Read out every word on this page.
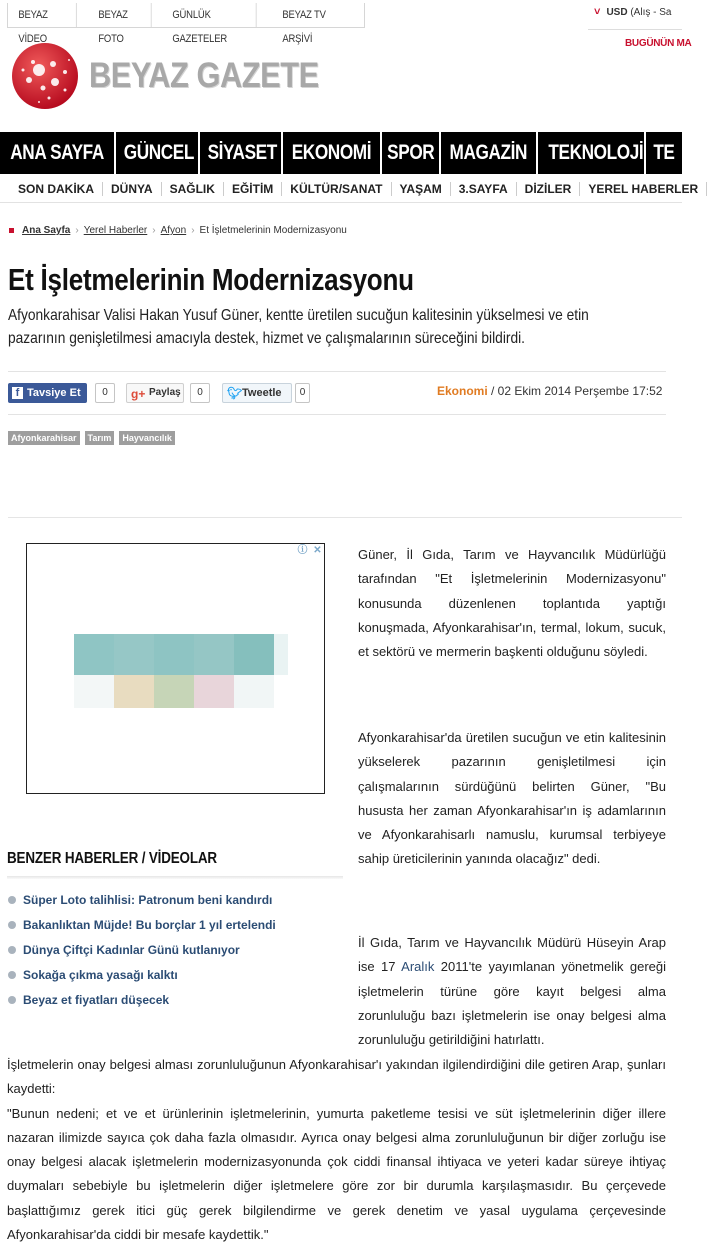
BEYAZ VİDEO
BEYAZ FOTO
GÜNLÜK GAZETELER
BEYAZ TV ARŞİVİ
˅ USD (Alış - Sa
BUGÜNÜN MA
BEYAZ GAZETE
ANA SAYFA GÜNCEL SİYASET EKONOMİ SPOR MAGAZİN TEKNOLOJİ TE
SON DAKİKA	DÜNYA	SAĞLIK	EĞİTİM	KÜLTÜR/SANAT	YAŞAM	3.SAYFA	DİZİLER	YEREL HABERLER
Ana Sayfa › Yerel Haberler › Afyon › Et İşletmelerinin Modernizasyonu
Et İşletmelerinin Modernizasyonu

Afyonkarahisar Valisi Hakan Yusuf Güner, kentte üretilen sucuğun kalitesinin yükselmesi ve etin pazarının genişletilmesi amacıyla destek, hizmet ve çalışmalarının süreceğini bildirdi.

f Tavsiye Et	0	g+ Paylaş	0	🐦︎ Tweetle	0	Ekonomi / 02 Ekim 2014 Perşembe 17:52
Afyonkarahisar	Tarım	Hayvancılık
ⓘ ✕
BENZER HABERLER / VİDEOLAR
Süper Loto talihlisi: Patronum beni kandırdı
Bakanlıktan Müjde! Bu borçlar 1 yıl ertelendi
Dünya Çiftçi Kadınlar Günü kutlanıyor
Sokağa çıkma yasağı kalktı
Beyaz et fiyatları düşecek

Güner, İl Gıda, Tarım ve Hayvancılık Müdürlüğü tarafından "Et İşletmelerinin Modernizasyonu" konusunda düzenlenen toplantıda yaptığı konuşmada, Afyonkarahisar'ın, termal, lokum, sucuk, et sektörü ve mermerin başkenti olduğunu söyledi.

Afyonkarahisar'da üretilen sucuğun ve etin kalitesinin yükselerek pazarının genişletilmesi için çalışmalarının sürdüğünü belirten Güner, "Bu hususta her zaman Afyonkarahisar'ın iş adamlarının ve Afyonkarahisarlı namuslu, kurumsal terbiyeye sahip üreticilerinin yanında olacağız" dedi.

İl Gıda, Tarım ve Hayvancılık Müdürü Hüseyin Arap ise 17 Aralık 2011'te yayımlanan yönetmelik gereği işletmelerin türüne göre kayıt belgesi alma zorunluluğu bazı işletmelerin ise onay belgesi alma zorunluluğu getirildiğini hatırlattı.

İşletmelerin onay belgesi alması zorunluluğunun Afyonkarahisar'ı yakından ilgilendirdiğini dile getiren Arap, şunları kaydetti:

"Bunun nedeni; et ve et ürünlerinin işletmelerinin, yumurta paketleme tesisi ve süt işletmelerinin diğer illere nazaran ilimizde sayıca çok daha fazla olmasıdır. Ayrıca onay belgesi alma zorunluluğunun bir diğer zorluğu ise onay belgesi alacak işletmelerin modernizasyonunda çok ciddi finansal ihtiyaca ve yeteri kadar süreye ihtiyaç duymaları sebebiyle bu işletmelerin diğer işletmelere göre zor bir durumla karşılaşmasıdır. Bu çerçevede başlattığımız gerek itici güç gerek bilgilendirme ve gerek denetim ve yasal uygulama çerçevesinde Afyonkarahisar'da ciddi bir mesafe kaydettik."
